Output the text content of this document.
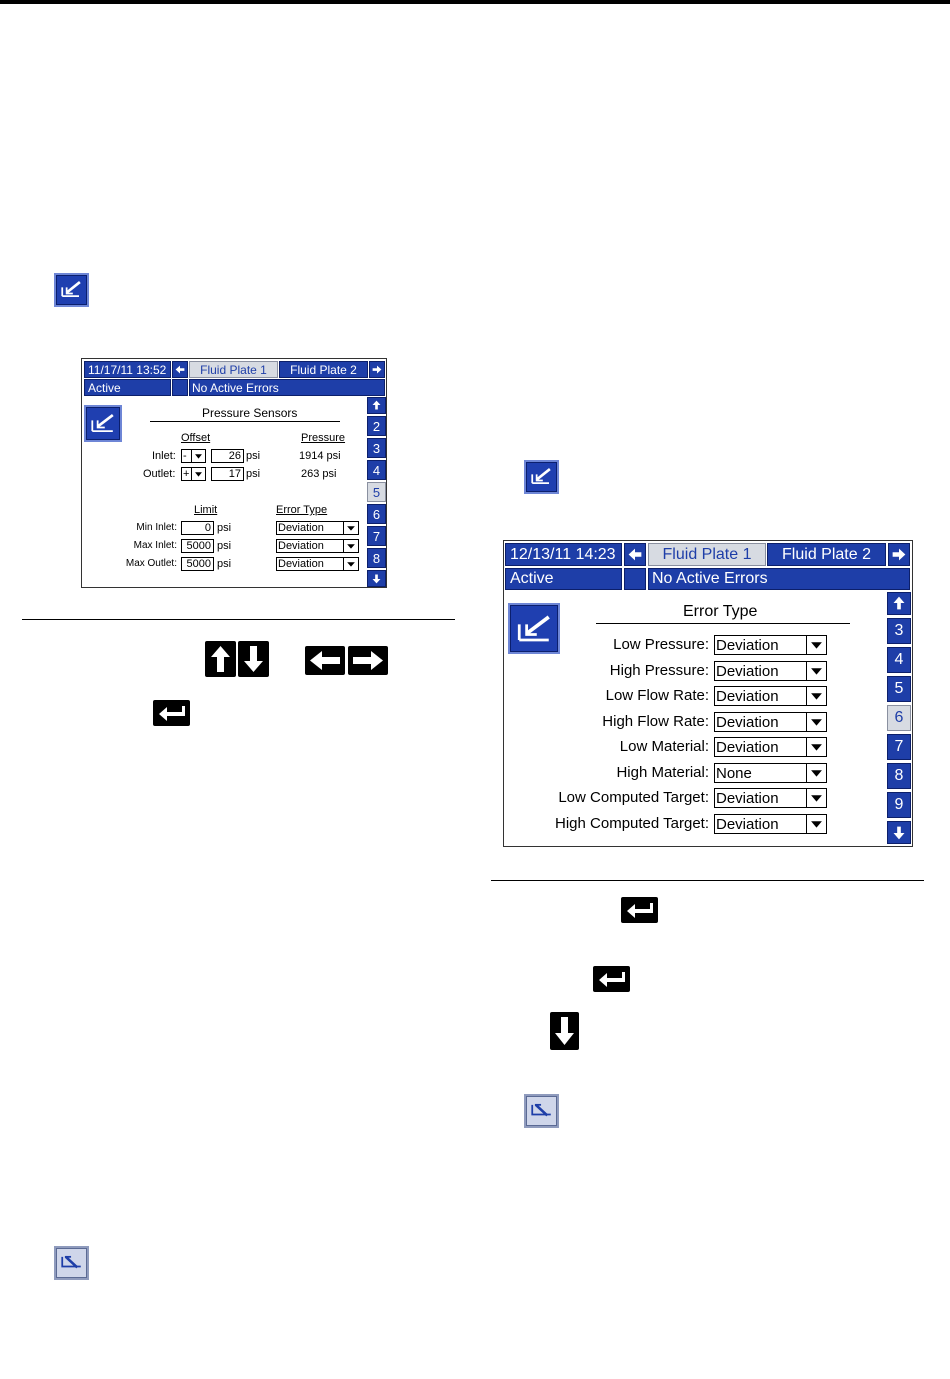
11/17/11 13:52	Fluid Plate 1 Fluid Plate 2
Active	No Active Errors
Pressure Sensors
Offset	Pressure
Inlet: -	26 psi	1914 psi
Outlet: +	17 psi	263 psi
Limit	Error Type
Min Inlet:	0 psi	Deviation
Max Inlet: 5000 psi	Deviation
Max Outlet: 5000 psi	Deviation
2
3
4
5
6
7
8	12/13/11 14:23	Fluid Plate 1 Fluid Plate 2
Active	No Active Errors
Error Type
Low Pressure: Deviation
High Pressure: Deviation
Low Flow Rate: Deviation
High Flow Rate: Deviation
Low Material: Deviation
High Material: None
Low Computed Target: Deviation
High Computed Target: Deviation
3
4
5
6
7
8
9
